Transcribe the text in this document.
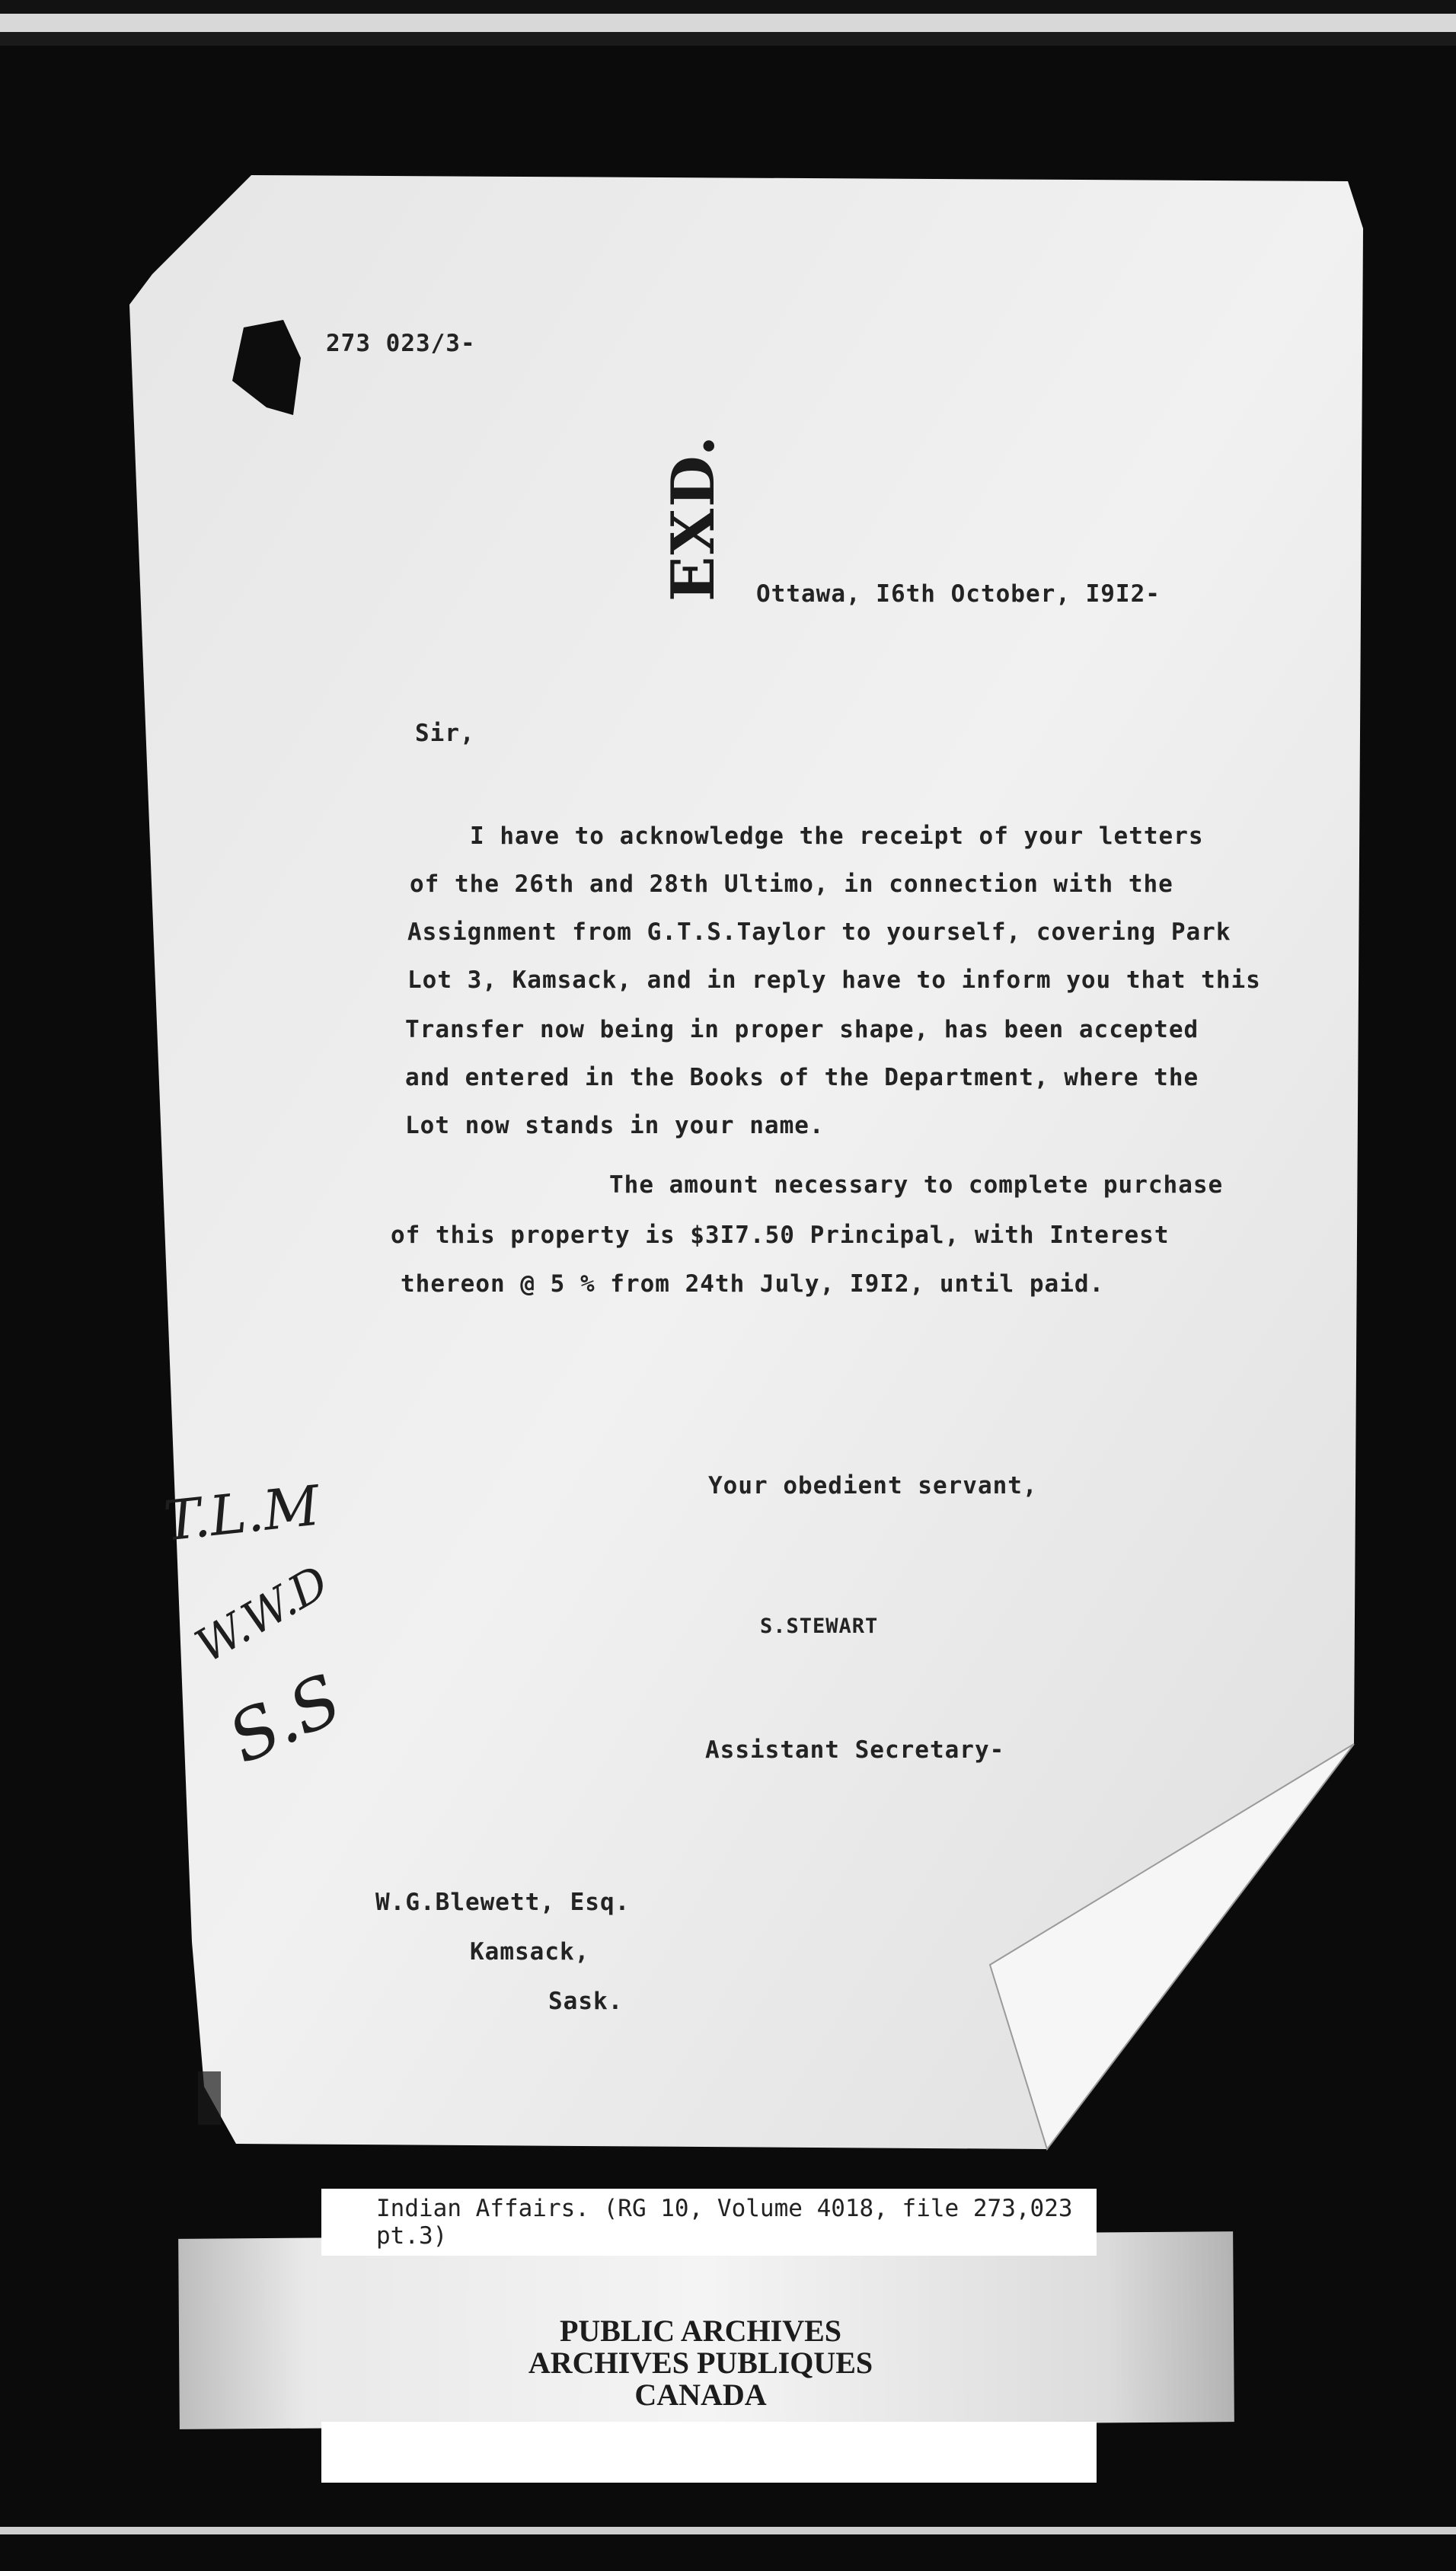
273 023/3-
EXD.	Ottawa, I6th October, I9I2-
Sir,
I have to acknowledge the receipt of your letters
of the 26th and 28th Ultimo, in connection with the
Assignment from G.T.S.Taylor to yourself, covering Park
Lot 3, Kamsack, and in reply have to inform you that this
Transfer now being in proper shape, has been accepted
and entered in the Books of the Department, where the
Lot now stands in your name.
The amount necessary to complete purchase
of this property is $3I7.50 Principal, with Interest
thereon @ 5 % from 24th July, I9I2, until paid.
Your obedient servant,
S.STEWART
Assistant Secretary-
W.G.Blewett, Esq.
Kamsack,
Sask.
T.L.M
W.W.D
S.S
Indian Affairs. (RG 10, Volume 4018, file 273,023 pt.3)
PUBLIC ARCHIVES
ARCHIVES PUBLIQUES
CANADA
